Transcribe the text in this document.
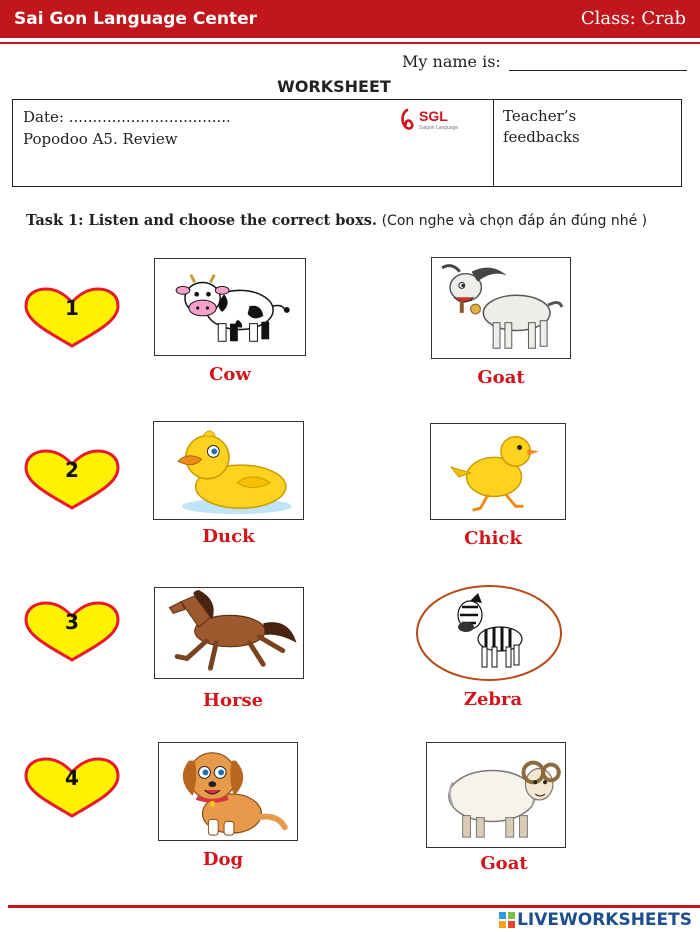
Sai Gon Language Center	Class: Crab
My name is:
WORKSHEET
Date: ..................................
Popodoo A5. Review
SGL
Saigon Language
Teacher’s
feedbacks
Task 1: Listen and choose the correct boxs. (Con nghe và chọn đáp án đúng nhé )
1
Cow	Goat
2
Duck	Chick
3
Horse	Zebra
4
Dog	Goat
LIVEWORKSHEETS
